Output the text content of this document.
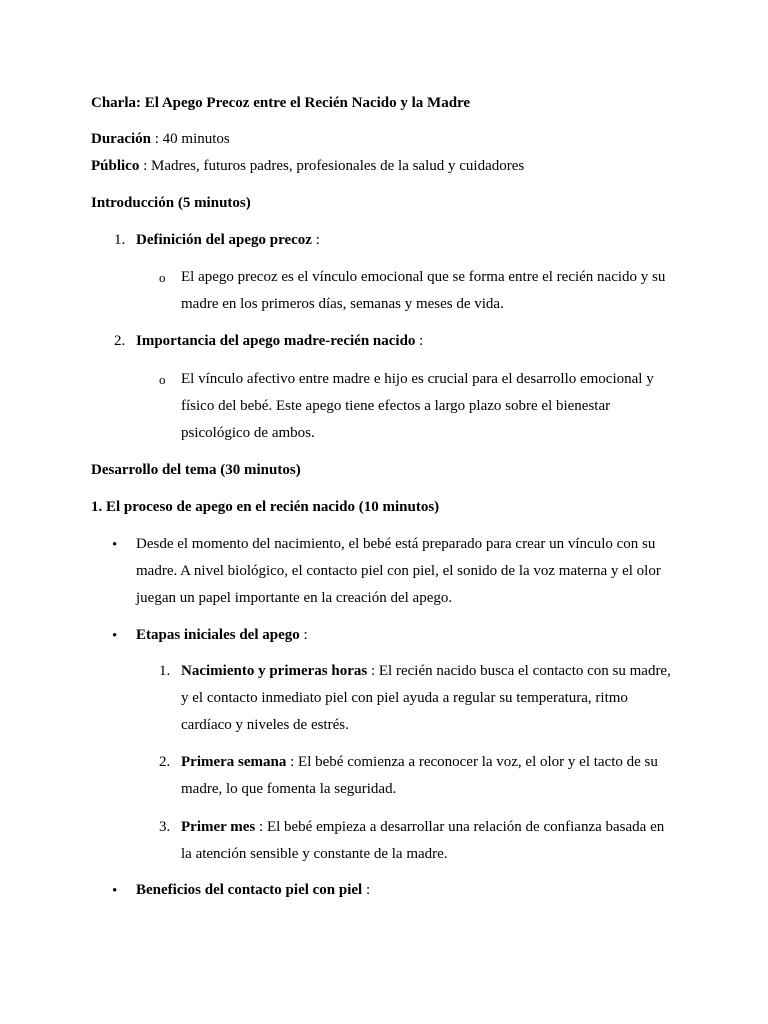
Charla: El Apego Precoz entre el Recién Nacido y la Madre
Duración : 40 minutos
Público : Madres, futuros padres, profesionales de la salud y cuidadores
Introducción (5 minutos)
1. Definición del apego precoz :
o El apego precoz es el vínculo emocional que se forma entre el recién nacido y su
madre en los primeros días, semanas y meses de vida.
2. Importancia del apego madre-recién nacido :
o El vínculo afectivo entre madre e hijo es crucial para el desarrollo emocional y
físico del bebé. Este apego tiene efectos a largo plazo sobre el bienestar
psicológico de ambos.
Desarrollo del tema (30 minutos)
1. El proceso de apego en el recién nacido (10 minutos)
• Desde el momento del nacimiento, el bebé está preparado para crear un vínculo con su
madre. A nivel biológico, el contacto piel con piel, el sonido de la voz materna y el olor
juegan un papel importante en la creación del apego.
• Etapas iniciales del apego :
1. Nacimiento y primeras horas : El recién nacido busca el contacto con su madre,
y el contacto inmediato piel con piel ayuda a regular su temperatura, ritmo
cardíaco y niveles de estrés.
2. Primera semana : El bebé comienza a reconocer la voz, el olor y el tacto de su
madre, lo que fomenta la seguridad.
3. Primer mes : El bebé empieza a desarrollar una relación de confianza basada en
la atención sensible y constante de la madre.
• Beneficios del contacto piel con piel :
